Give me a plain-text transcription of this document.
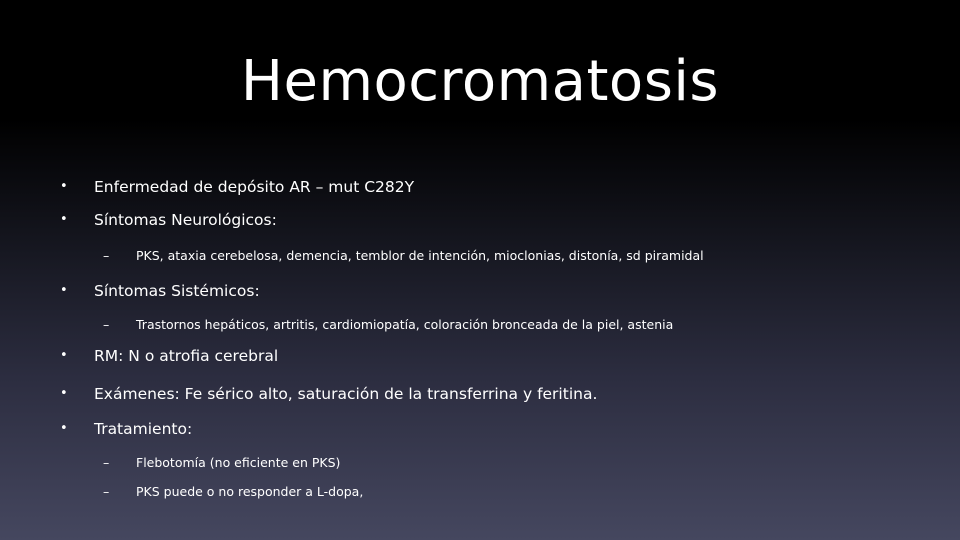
Hemocromatosis
• Enfermedad de depósito AR – mut C282Y
• Síntomas Neurológicos:
– PKS, ataxia cerebelosa, demencia, temblor de intención, mioclonias, distonía, sd piramidal
• Síntomas Sistémicos:
– Trastornos hepáticos, artritis, cardiomiopatía, coloración bronceada de la piel, astenia
• RM: N o atrofia cerebral
• Exámenes: Fe sérico alto, saturación de la transferrina y feritina.
• Tratamiento:
– Flebotomía (no eficiente en PKS)
– PKS puede o no responder a L-dopa,
